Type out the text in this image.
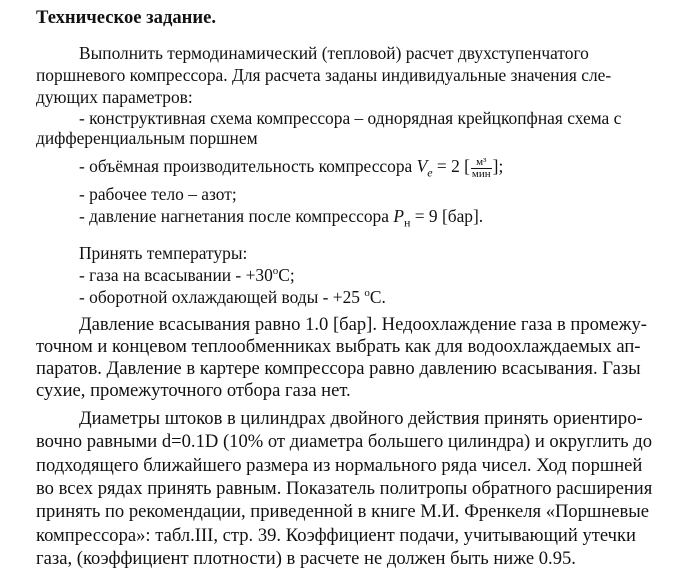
Техническое задание.
Выполнить термодинамический (тепловой) расчет двухступенчатого
поршневого компрессора. Для расчета заданы индивидуальные значения сле-
дующих параметров:
- конструктивная схема компрессора – однорядная крейцкопфная схема с
дифференциальным поршнем
- объёмная производительность компрессора $V_e = 2$ [ $\frac{\text{м³}}{\text{мин}}$ ];
- рабочее тело – азот;
- давление нагнетания после компрессора $P_н = 9$ [бар].
Принять температуры:
- газа на всасывании - $+30^оС$;
- оборотной охлаждающей воды - +25 $^о$С.
Давление всасывания равно 1.0 [бар]. Недоохлаждение газа в промежу-
точном и концевом теплообменниках выбрать как для водоохлаждаемых ап-
паратов. Давление в картере компрессора равно давлению всасывания. Газы
сухие, промежуточного отбора газа нет.
Диаметры штоков в цилиндрах двойного действия принять ориентиро-
вочно равными d=0.1D (10% от диаметра большего цилиндра) и округлить до
подходящего ближайшего размера из нормального ряда чисел. Ход поршней
во всех рядах принять равным. Показатель политропы обратного расширения
принять по рекомендации, приведенной в книге М.И. Френкеля «Поршневые
компрессора»: табл.III, стр. 39. Коэффициент подачи, учитывающий утечки
газа, (коэффициент плотности) в расчете не должен быть ниже 0.95.
